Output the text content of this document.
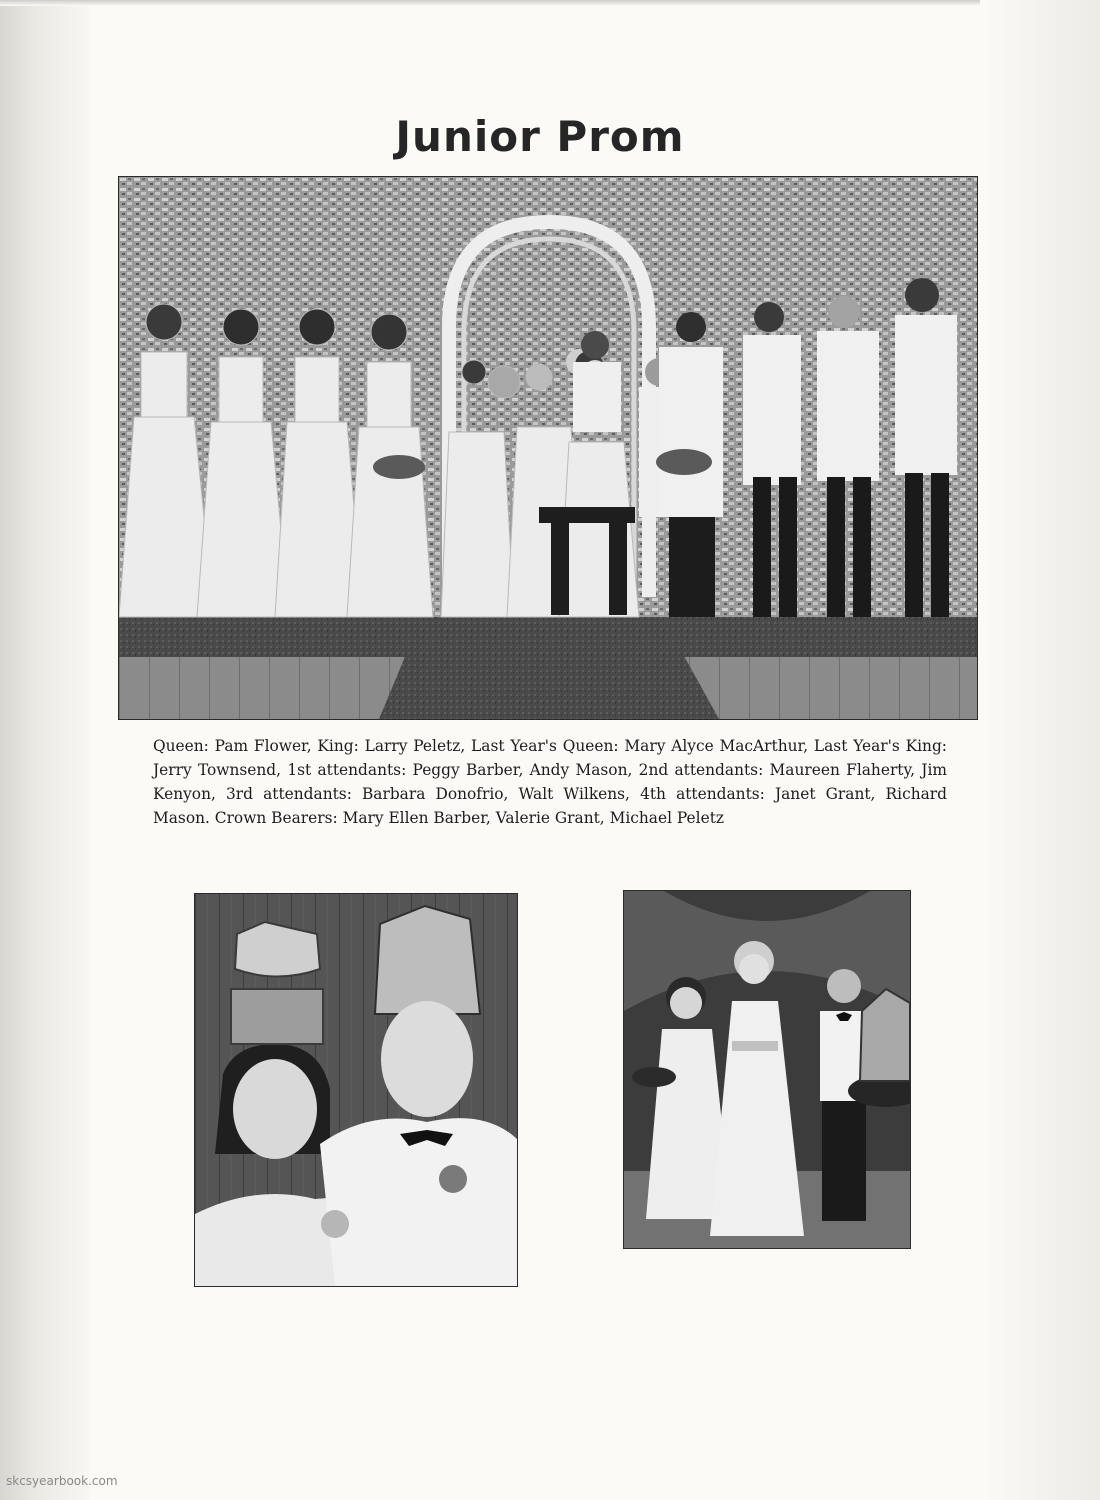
Junior Prom

Queen: Pam Flower, King: Larry Peletz, Last Year's Queen: Mary Alyce MacArthur, Last Year's King: Jerry Townsend, 1st attendants: Peggy Barber, Andy Mason, 2nd attendants: Maureen Flaherty, Jim Kenyon, 3rd attendants: Barbara Donofrio, Walt Wilkens, 4th attendants: Janet Grant, Richard Mason. Crown Bearers: Mary Ellen Barber, Valerie Grant, Michael Peletz

skcsyearbook.com
